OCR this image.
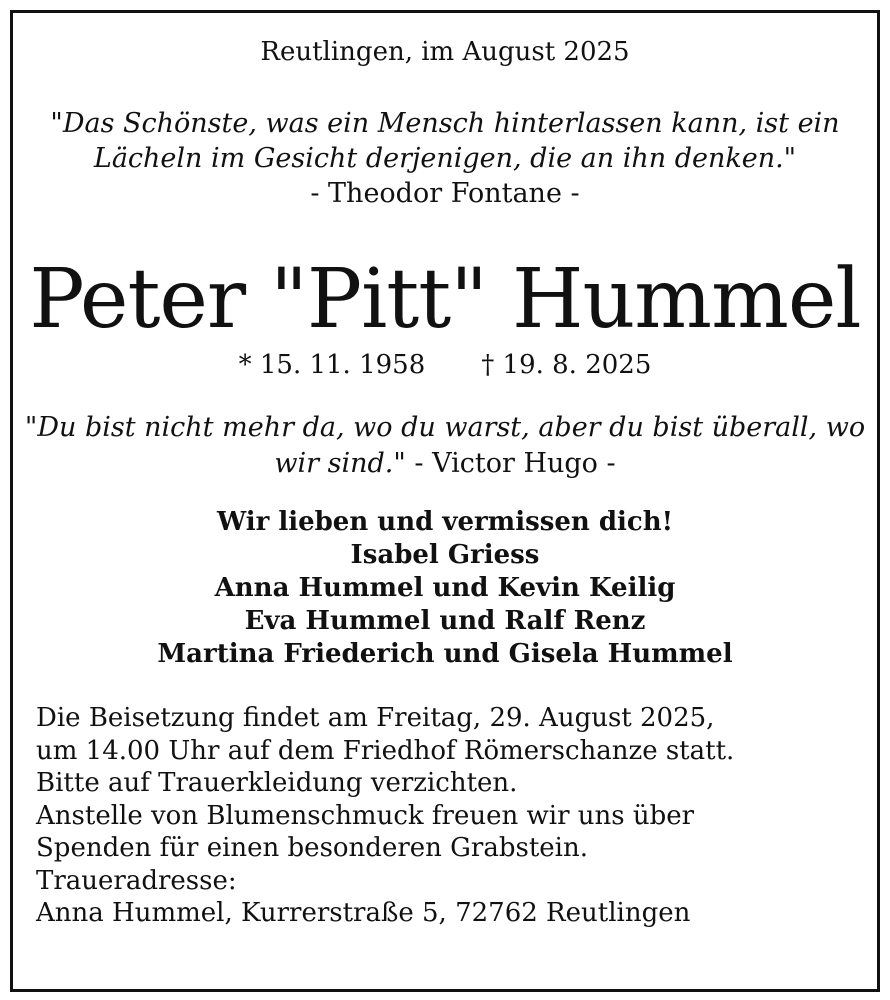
Reutlingen, im August 2025
"Das Schönste, was ein Mensch hinterlassen kann, ist ein
Lächeln im Gesicht derjenigen, die an ihn denken."
- Theodor Fontane -
Peter "Pitt" Hummel
* 15. 11. 1958 † 19. 8. 2025
"Du bist nicht mehr da, wo du warst, aber du bist überall, wo
wir sind." - Victor Hugo -
Wir lieben und vermissen dich!
Isabel Griess
Anna Hummel und Kevin Keilig
Eva Hummel und Ralf Renz
Martina Friederich und Gisela Hummel
Die Beisetzung findet am Freitag, 29. August 2025,
um 14.00 Uhr auf dem Friedhof Römerschanze statt.
Bitte auf Trauerkleidung verzichten.
Anstelle von Blumenschmuck freuen wir uns über
Spenden für einen besonderen Grabstein.
Traueradresse:
Anna Hummel, Kurrerstraße 5, 72762 Reutlingen
